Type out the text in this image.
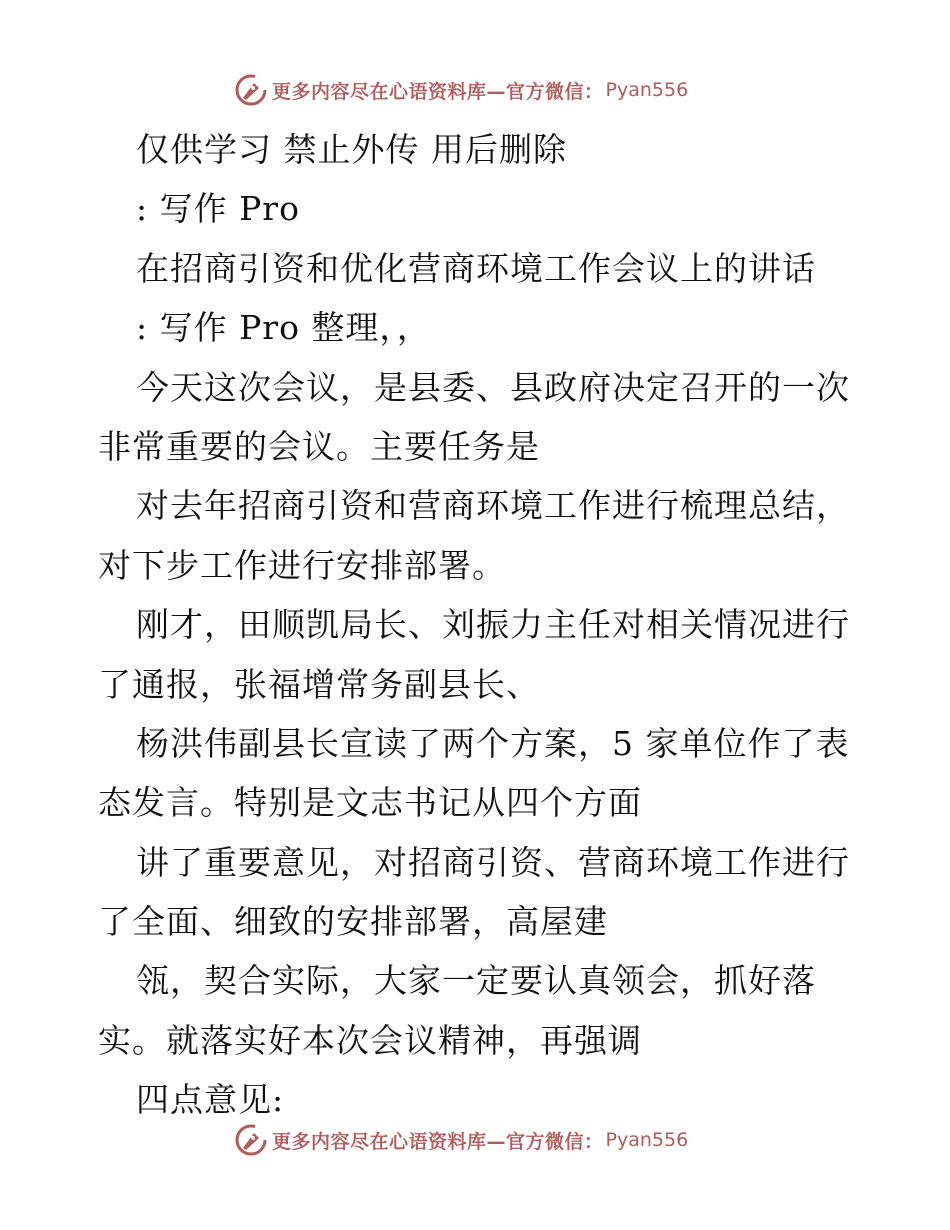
更多内容尽在心语资料库—官方微信： Pyan556
仅供学习 禁止外传 用后删除
: 写作 Pro
在招商引资和优化营商环境工作会议上的讲话
: 写作 Pro 整理，，
今天这次会议，是县委、县政府决定召开的一次
非常重要的会议。主要任务是
对去年招商引资和营商环境工作进行梳理总结，
对下步工作进行安排部署。
刚才，田顺凯局长、刘振力主任对相关情况进行
了通报，张福增常务副县长、
杨洪伟副县长宣读了两个方案，5 家单位作了表
态发言。特别是文志书记从四个方面
讲了重要意见，对招商引资、营商环境工作进行
了全面、细致的安排部署，高屋建
瓴，契合实际，大家一定要认真领会，抓好落
实。就落实好本次会议精神，再强调
四点意见:
更多内容尽在心语资料库—官方微信： Pyan556
